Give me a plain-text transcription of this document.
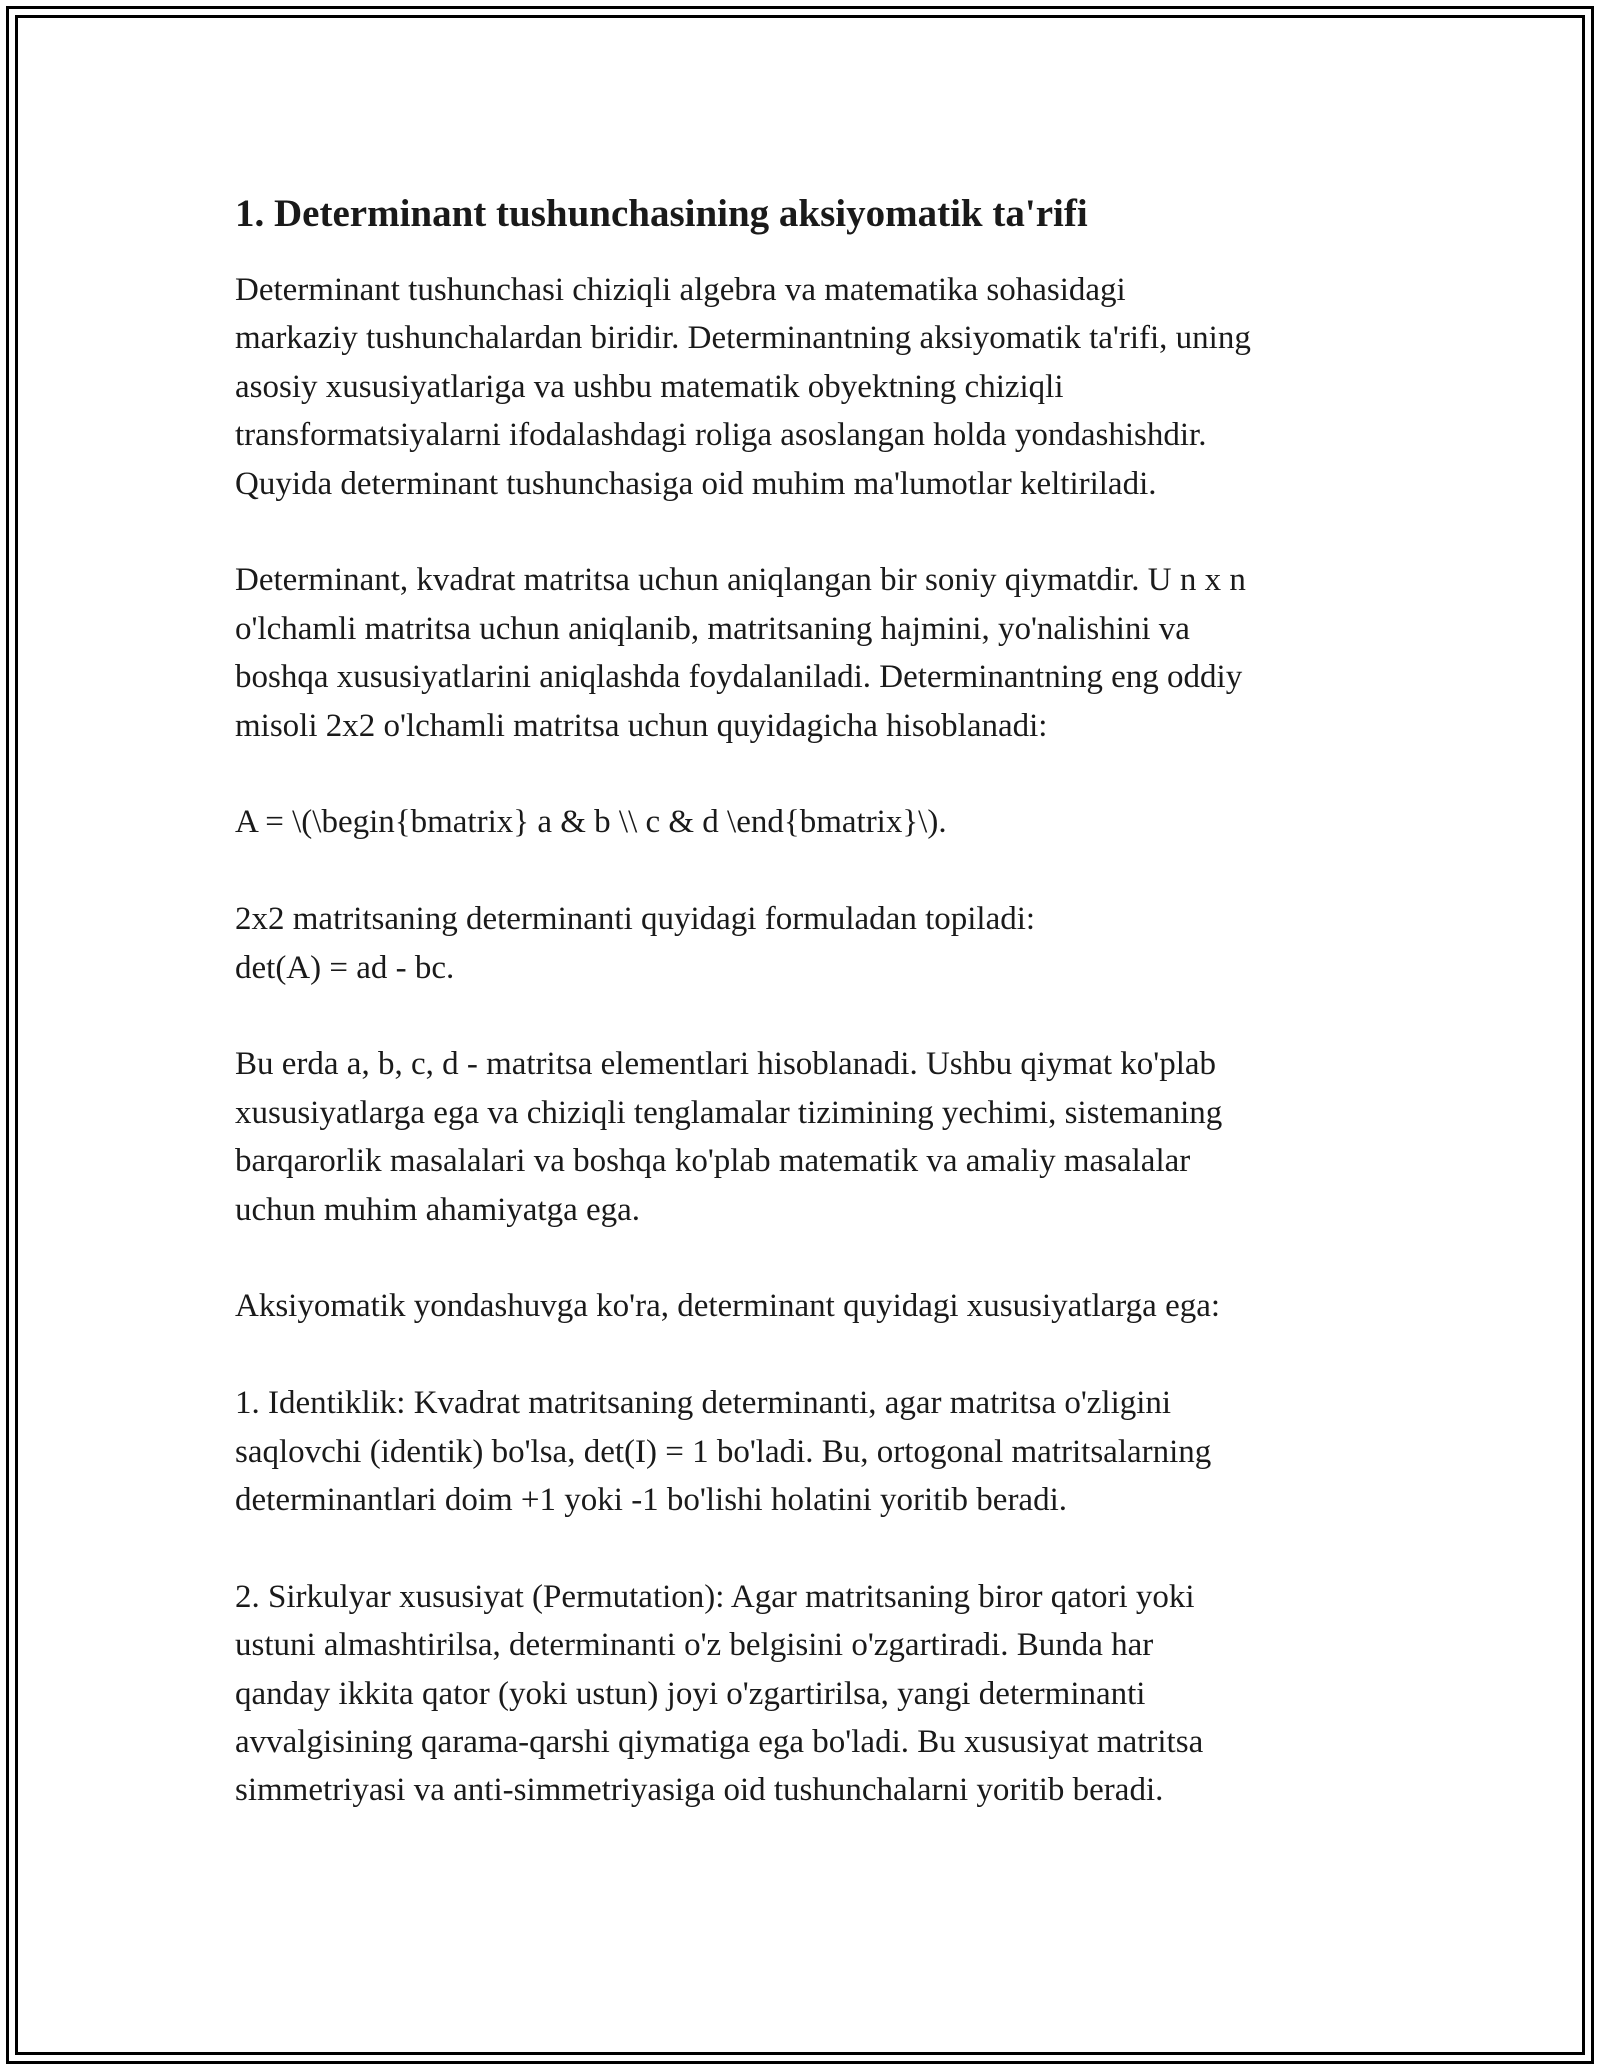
1. Determinant tushunchasining aksiyomatik ta'rifi

Determinant tushunchasi chiziqli algebra va matematika sohasidagi
markaziy tushunchalardan biridir. Determinantning aksiyomatik ta'rifi, uning
asosiy xususiyatlariga va ushbu matematik obyektning chiziqli
transformatsiyalarni ifodalashdagi roliga asoslangan holda yondashishdir.
Quyida determinant tushunchasiga oid muhim ma'lumotlar keltiriladi.

Determinant, kvadrat matritsa uchun aniqlangan bir soniy qiymatdir. U n x n
o'lchamli matritsa uchun aniqlanib, matritsaning hajmini, yo'nalishini va
boshqa xususiyatlarini aniqlashda foydalaniladi. Determinantning eng oddiy
misoli 2x2 o'lchamli matritsa uchun quyidagicha hisoblanadi:

A = \(\begin{bmatrix} a & b \\ c & d \end{bmatrix}\).

2x2 matritsaning determinanti quyidagi formuladan topiladi:
det(A) = ad - bc.

Bu erda a, b, c, d - matritsa elementlari hisoblanadi. Ushbu qiymat ko'plab
xususiyatlarga ega va chiziqli tenglamalar tizimining yechimi, sistemaning
barqarorlik masalalari va boshqa ko'plab matematik va amaliy masalalar
uchun muhim ahamiyatga ega.

Aksiyomatik yondashuvga ko'ra, determinant quyidagi xususiyatlarga ega:

1. Identiklik: Kvadrat matritsaning determinanti, agar matritsa o'zligini
saqlovchi (identik) bo'lsa, det(I) = 1 bo'ladi. Bu, ortogonal matritsalarning
determinantlari doim +1 yoki -1 bo'lishi holatini yoritib beradi.

2. Sirkulyar xususiyat (Permutation): Agar matritsaning biror qatori yoki
ustuni almashtirilsa, determinanti o'z belgisini o'zgartiradi. Bunda har
qanday ikkita qator (yoki ustun) joyi o'zgartirilsa, yangi determinanti
avvalgisining qarama-qarshi qiymatiga ega bo'ladi. Bu xususiyat matritsa
simmetriyasi va anti-simmetriyasiga oid tushunchalarni yoritib beradi.
